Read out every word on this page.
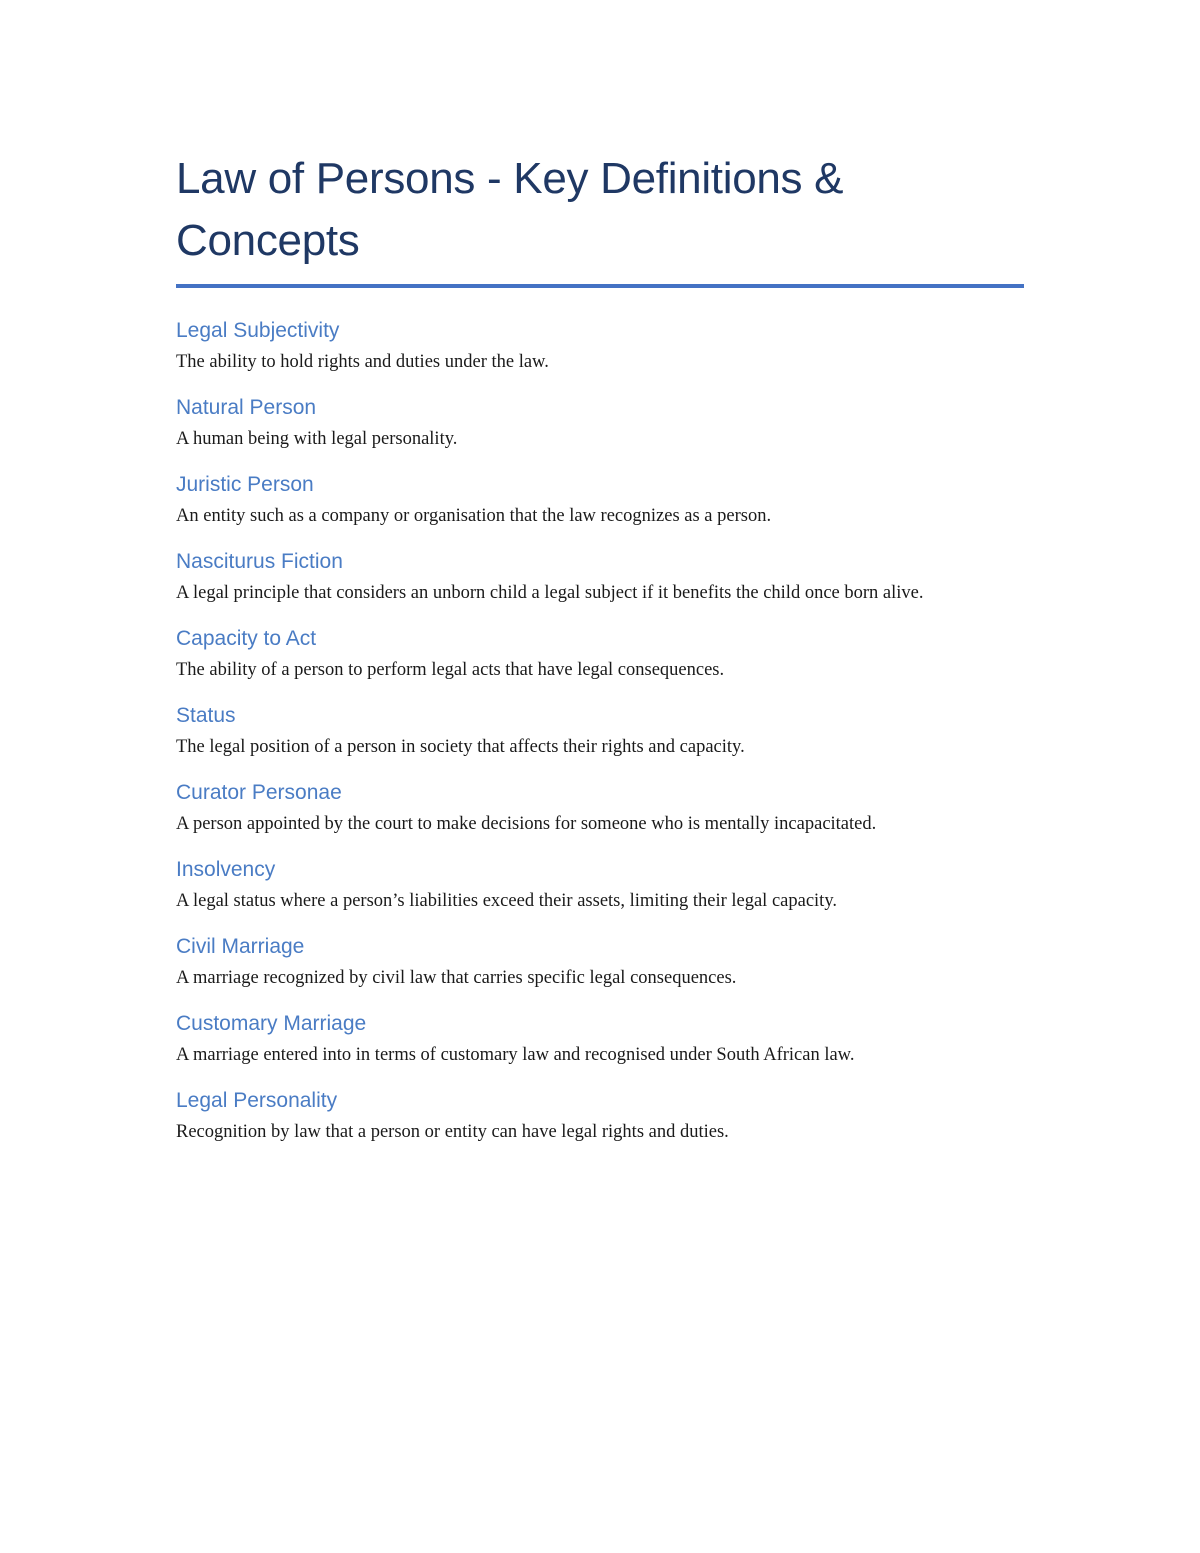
Law of Persons - Key Definitions & Concepts
Legal Subjectivity
The ability to hold rights and duties under the law.
Natural Person
A human being with legal personality.
Juristic Person
An entity such as a company or organisation that the law recognizes as a person.
Nasciturus Fiction
A legal principle that considers an unborn child a legal subject if it benefits the child once born alive.
Capacity to Act
The ability of a person to perform legal acts that have legal consequences.
Status
The legal position of a person in society that affects their rights and capacity.
Curator Personae
A person appointed by the court to make decisions for someone who is mentally incapacitated.
Insolvency
A legal status where a person’s liabilities exceed their assets, limiting their legal capacity.
Civil Marriage
A marriage recognized by civil law that carries specific legal consequences.
Customary Marriage
A marriage entered into in terms of customary law and recognised under South African law.
Legal Personality
Recognition by law that a person or entity can have legal rights and duties.
